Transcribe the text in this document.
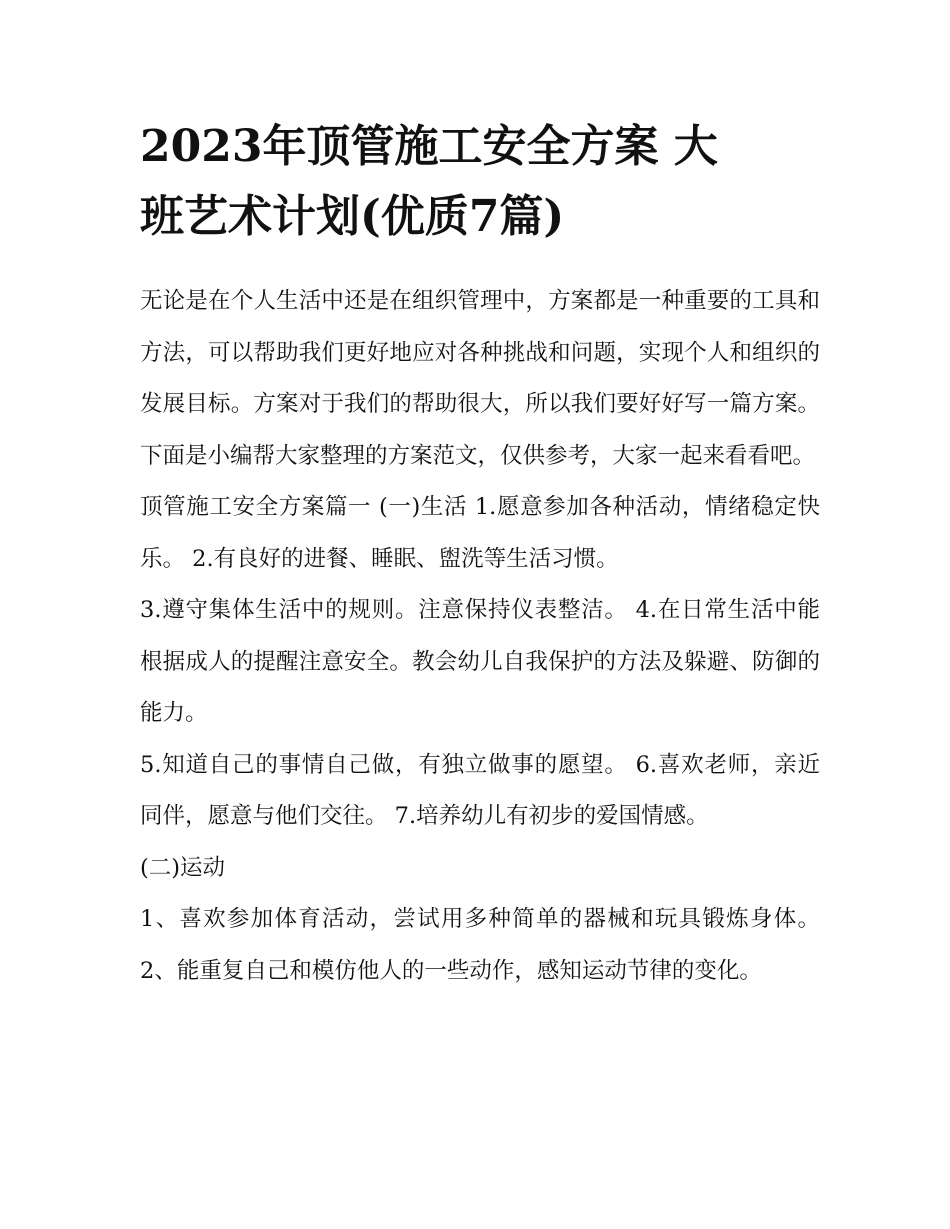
2023年顶管施工安全方案 大
班艺术计划(优质7篇)

无论是在个人生活中还是在组织管理中，方案都是一种重要的工具和方法，可以帮助我们更好地应对各种挑战和问题，实现个人和组织的发展目标。方案对于我们的帮助很大，所以我们要好好写一篇方案。下面是小编帮大家整理的方案范文，仅供参考，大家一起来看看吧。

顶管施工安全方案篇一 (一)生活 1.愿意参加各种活动，情绪稳定快乐。 2.有良好的进餐、睡眠、盥洗等生活习惯。

3.遵守集体生活中的规则。注意保持仪表整洁。 4.在日常生活中能根据成人的提醒注意安全。教会幼儿自我保护的方法及躲避、防御的能力。

5.知道自己的事情自己做，有独立做事的愿望。 6.喜欢老师，亲近同伴，愿意与他们交往。 7.培养幼儿有初步的爱国情感。

(二)运动

1、喜欢参加体育活动，尝试用多种简单的器械和玩具锻炼身体。 2、能重复自己和模仿他人的一些动作，感知运动节律的变化。
